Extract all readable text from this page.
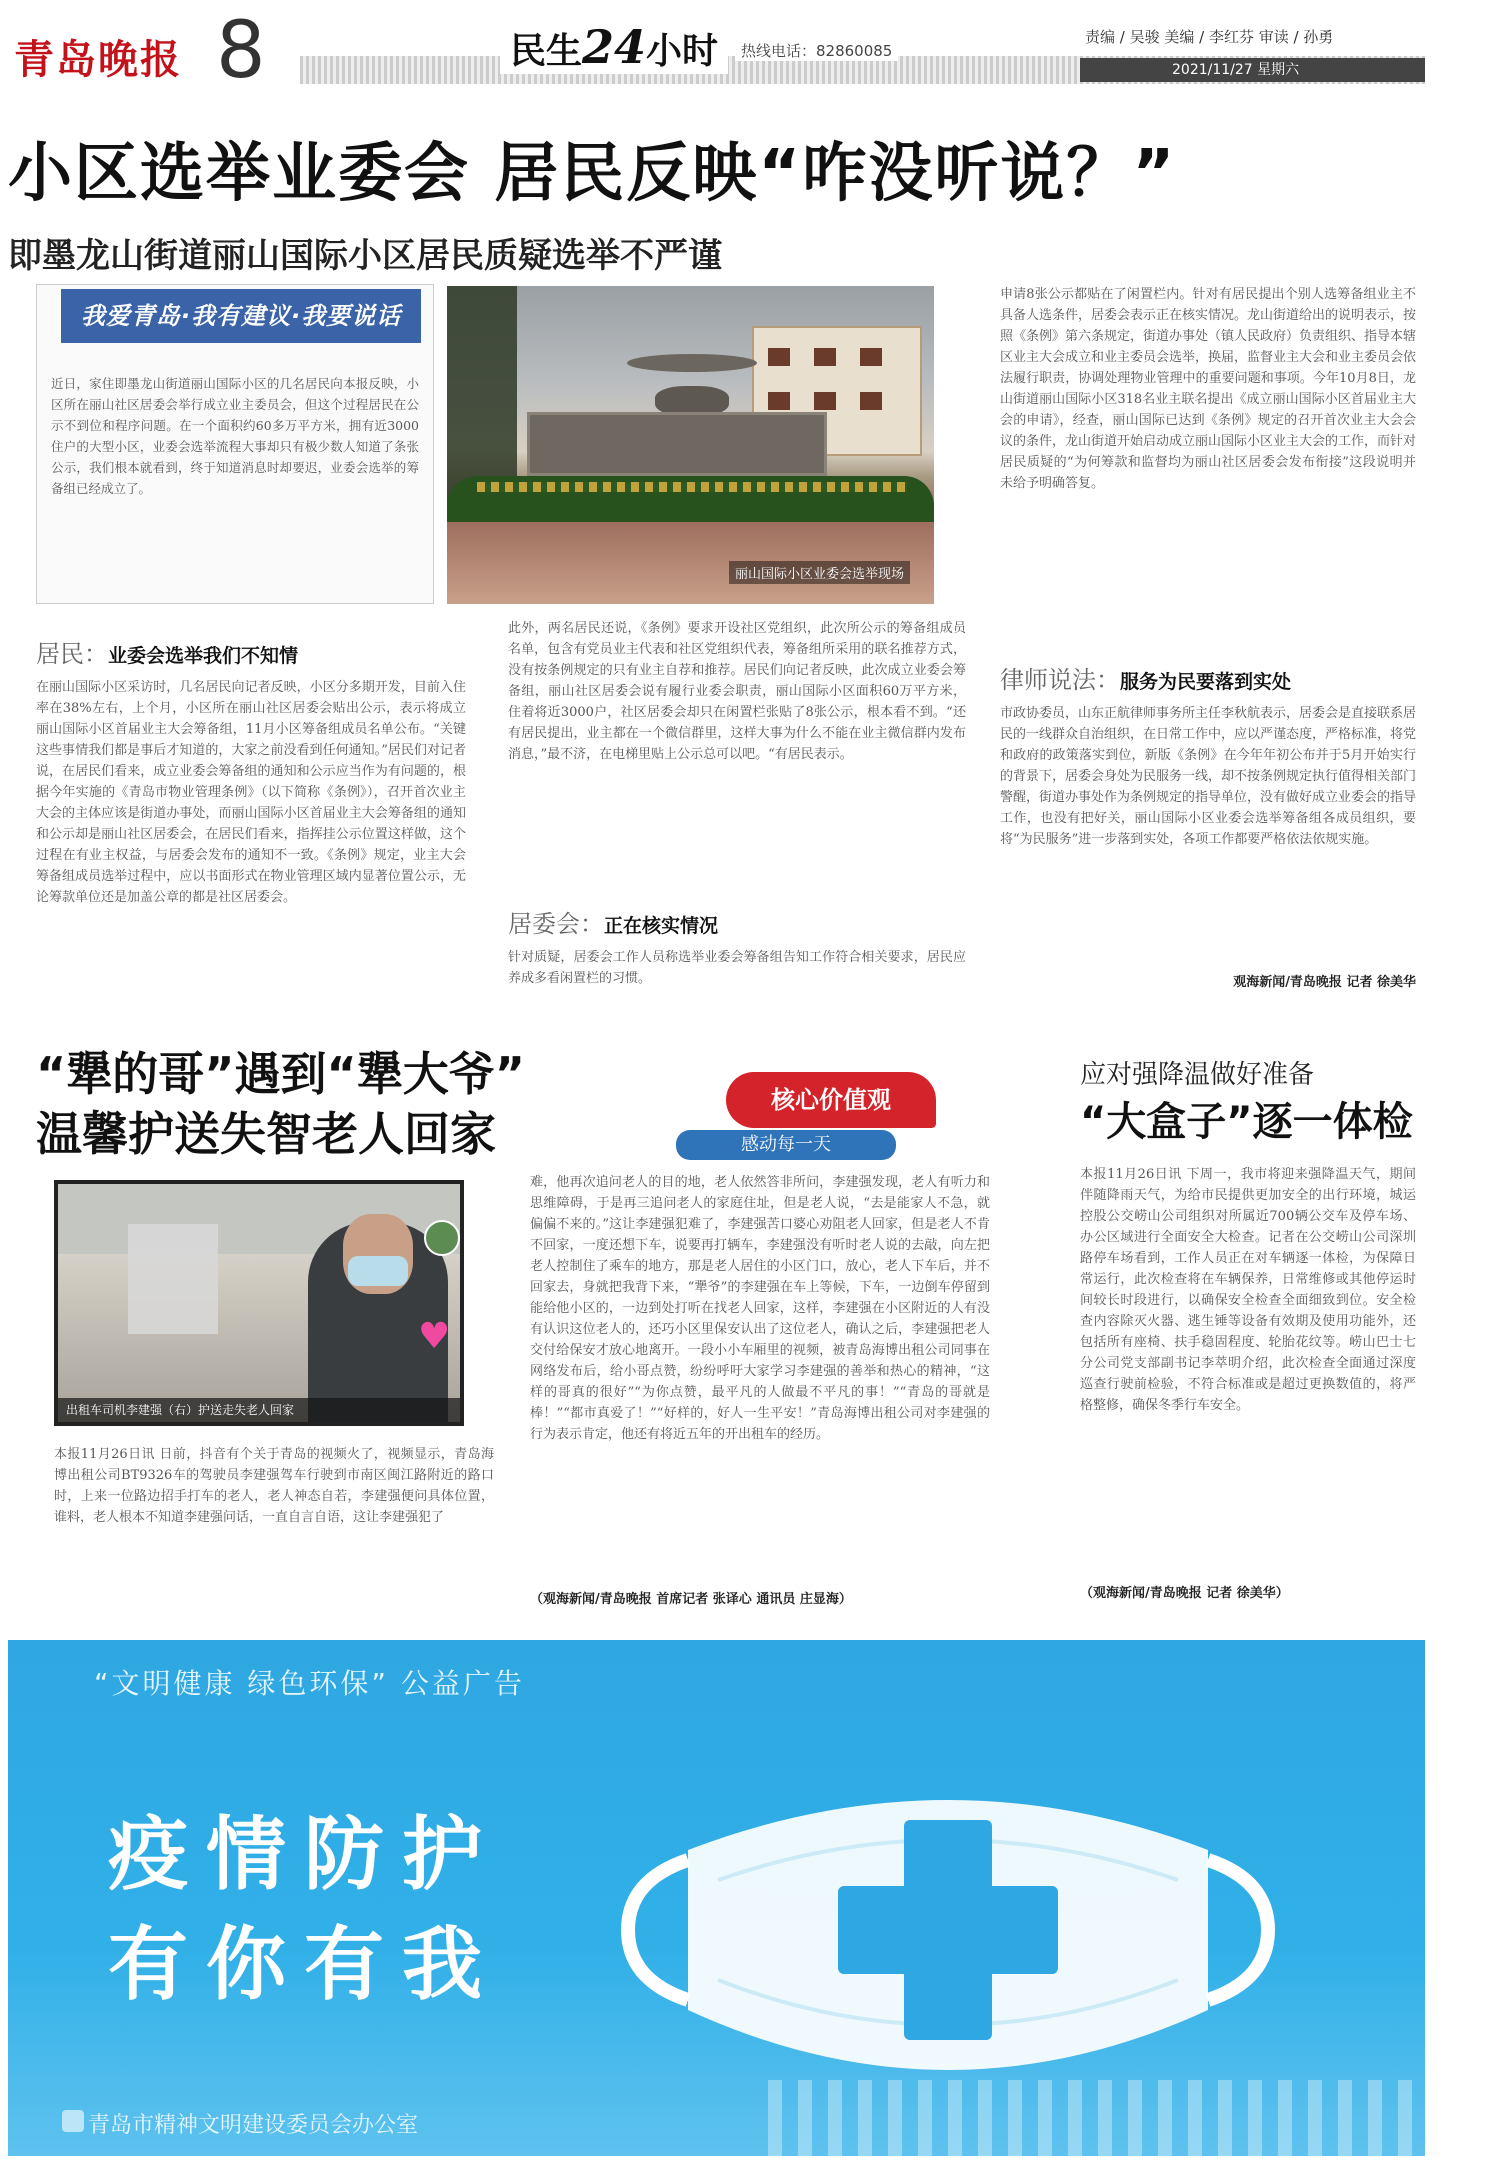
青岛晚报 8	民生24小时	热线电话：82860085
责编 / 吴骏 美编 / 李红芬 审读 / 孙勇
2021/11/27 星期六
小区选举业委会 居民反映“咋没听说？”
即墨龙山街道丽山国际小区居民质疑选举不严谨
我爱青岛·我有建议·我要说话
近日，家住即墨龙山街道丽山国际小区的几名居民向本报反映，小区所在丽山社区居委会举行成立业主委员会，但这个过程居民在公示不到位和程序问题。在一个面积约60多万平方米，拥有近3000住户的大型小区，业委会选举流程大事却只有极少数人知道了条张公示，我们根本就看到，终于知道消息时却要迟，业委会选举的筹备组已经成立了。
丽山国际小区业委会选举现场
申请8张公示都贴在了闲置栏内。针对有居民提出个别人选筹备组业主不具备人选条件，居委会表示正在核实情况。龙山街道给出的说明表示，按照《条例》第六条规定，街道办事处（镇人民政府）负责组织、指导本辖区业主大会成立和业主委员会选举，换届，监督业主大会和业主委员会依法履行职责，协调处理物业管理中的重要问题和事项。今年10月8日，龙山街道丽山国际小区318名业主联名提出《成立丽山国际小区首届业主大会的申请》，经查，丽山国际已达到《条例》规定的召开首次业主大会会议的条件，龙山街道开始启动成立丽山国际小区业主大会的工作，而针对居民质疑的“为何筹款和监督均为丽山社区居委会发布衔接”这段说明并未给予明确答复。
居民：业委会选举我们不知情
在丽山国际小区采访时，几名居民向记者反映，小区分多期开发，目前入住率在38%左右，上个月，小区所在丽山社区居委会贴出公示，表示将成立丽山国际小区首届业主大会筹备组，11月小区筹备组成员名单公布。“关键这些事情我们都是事后才知道的，大家之前没看到任何通知。”居民们对记者说，在居民们看来，成立业委会筹备组的通知和公示应当作为有问题的，根据今年实施的《青岛市物业管理条例》（以下简称《条例》），召开首次业主大会的主体应该是街道办事处，而丽山国际小区首届业主大会筹备组的通知和公示却是丽山社区居委会，在居民们看来，指挥挂公示位置这样做，这个过程在有业主权益，与居委会发布的通知不一致。《条例》规定，业主大会筹备组成员选举过程中，应以书面形式在物业管理区域内显著位置公示，无论筹款单位还是加盖公章的都是社区居委会。
此外，两名居民还说，《条例》要求开设社区党组织，此次所公示的筹备组成员名单，包含有党员业主代表和社区党组织代表，筹备组所采用的联名推荐方式，没有按条例规定的只有业主自荐和推荐。居民们向记者反映，此次成立业委会筹备组，丽山社区居委会说有履行业委会职责，丽山国际小区面积60万平方米，住着将近3000户，社区居委会却只在闲置栏张贴了8张公示，根本看不到。“还有居民提出，业主都在一个微信群里，这样大事为什么不能在业主微信群内发布消息，”最不济，在电梯里贴上公示总可以吧。“有居民表示。
居委会：正在核实情况
针对质疑，居委会工作人员称选举业委会筹备组告知工作符合相关要求，居民应养成多看闲置栏的习惯。
律师说法：服务为民要落到实处
市政协委员，山东正航律师事务所主任李秋航表示，居委会是直接联系居民的一线群众自治组织，在日常工作中，应以严谨态度，严格标准，将党和政府的政策落实到位，新版《条例》在今年年初公布并于5月开始实行的背景下，居委会身处为民服务一线，却不按条例规定执行值得相关部门警醒，街道办事处作为条例规定的指导单位，没有做好成立业委会的指导工作，也没有把好关，丽山国际小区业委会选举筹备组各成员组织，要将“为民服务”进一步落到实处，各项工作都要严格依法依规实施。
观海新闻/青岛晚报 记者 徐美华
“犟的哥”遇到“犟大爷”
温馨护送失智老人回家
核心价值观
感动每一天
♥
出租车司机李建强（右）护送走失老人回家
本报11月26日讯 日前，抖音有个关于青岛的视频火了，视频显示，青岛海博出租公司BT9326车的驾驶员李建强驾车行驶到市南区闽江路附近的路口时，上来一位路边招手打车的老人，老人神态自若，李建强便问具体位置，谁料，老人根本不知道李建强问话，一直自言自语，这让李建强犯了
难，他再次追问老人的目的地，老人依然答非所问，李建强发现，老人有听力和思维障碍，于是再三追问老人的家庭住址，但是老人说，“去是能家人不急，就偏偏不来的。”这让李建强犯难了，李建强苦口婆心劝阻老人回家，但是老人不肯不回家，一度还想下车，说要再打辆车，李建强没有听时老人说的去敲，向左把老人控制住了乘车的地方，那是老人居住的小区门口，放心，老人下车后，并不回家去，身就把我背下来，“犟爷”的李建强在车上等候，下车，一边倒车停留到能给他小区的，一边到处打听在找老人回家，这样，李建强在小区附近的人有没有认识这位老人的，还巧小区里保安认出了这位老人，确认之后，李建强把老人交付给保安才放心地离开。一段小小车厢里的视频，被青岛海博出租公司同事在网络发布后，给小哥点赞，纷纷呼吁大家学习李建强的善举和热心的精神，“这样的哥真的很好”“为你点赞，最平凡的人做最不平凡的事！”“青岛的哥就是棒！”“都市真爱了！”“好样的，好人一生平安！”青岛海博出租公司对李建强的行为表示肯定，他还有将近五年的开出租车的经历。
（观海新闻/青岛晚报 首席记者 张译心 通讯员 庄显海）
应对强降温做好准备
“大盒子”逐一体检
本报11月26日讯 下周一，我市将迎来强降温天气，期间伴随降雨天气，为给市民提供更加安全的出行环境，城运控股公交崂山公司组织对所属近700辆公交车及停车场、办公区域进行全面安全大检查。记者在公交崂山公司深圳路停车场看到，工作人员正在对车辆逐一体检，为保障日常运行，此次检查将在车辆保养，日常维修或其他停运时间较长时段进行，以确保安全检查全面细致到位。安全检查内容除灭火器、逃生锤等设备有效期及使用功能外，还包括所有座椅、扶手稳固程度、轮胎花纹等。崂山巴士七分公司党支部副书记李萃明介绍，此次检查全面通过深度巡查行驶前检验，不符合标准或是超过更换数值的，将严格整修，确保冬季行车安全。
（观海新闻/青岛晚报 记者 徐美华）
“文明健康 绿色环保” 公益广告
疫情防护
有你有我
青岛市精神文明建设委员会办公室
